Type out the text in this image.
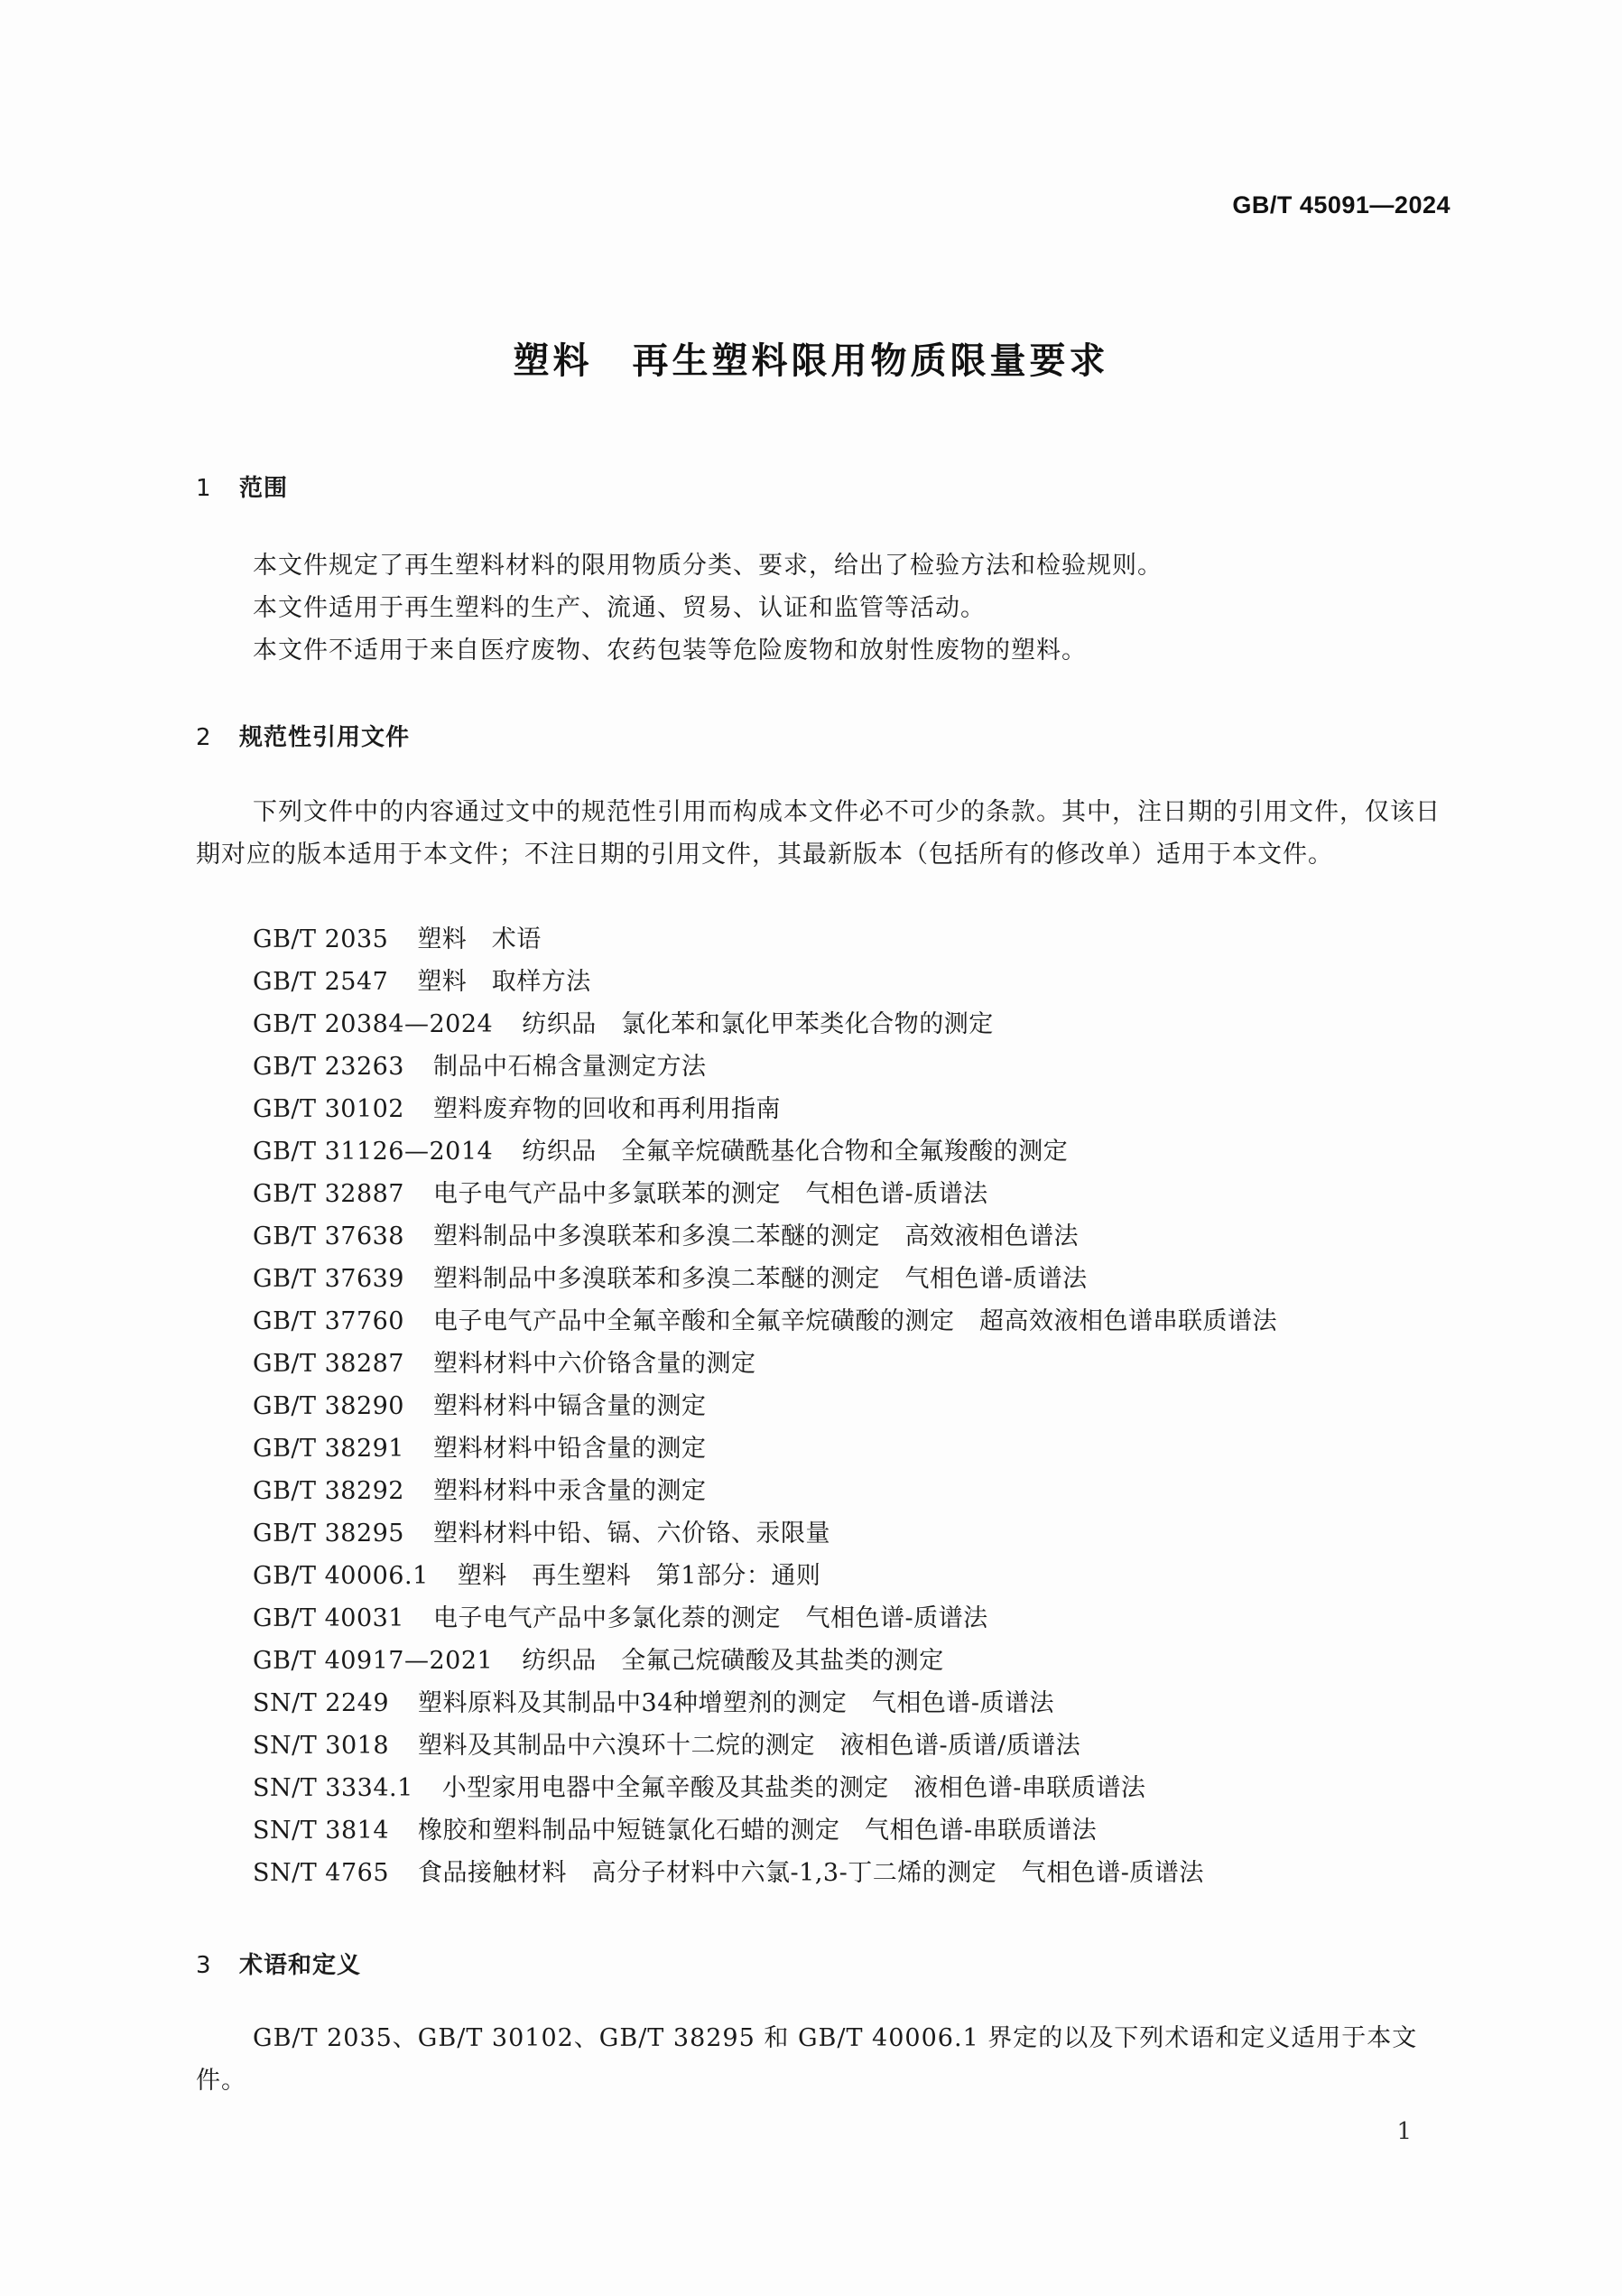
GB/T 45091—2024
塑料　再生塑料限用物质限量要求
1 范围
本文件规定了再生塑料材料的限用物质分类、要求，给出了检验方法和检验规则。
本文件适用于再生塑料的生产、流通、贸易、认证和监管等活动。
本文件不适用于来自医疗废物、农药包装等危险废物和放射性废物的塑料。
2 规范性引用文件
下列文件中的内容通过文中的规范性引用而构成本文件必不可少的条款。其中，注日期的引用文件，仅该日期对应的版本适用于本文件；不注日期的引用文件，其最新版本（包括所有的修改单）适用于本文件。
GB/T 2035 塑料　术语
GB/T 2547 塑料　取样方法
GB/T 20384—2024 纺织品　氯化苯和氯化甲苯类化合物的测定
GB/T 23263 制品中石棉含量测定方法
GB/T 30102 塑料废弃物的回收和再利用指南
GB/T 31126—2014 纺织品　全氟辛烷磺酰基化合物和全氟羧酸的测定
GB/T 32887 电子电气产品中多氯联苯的测定　气相色谱-质谱法
GB/T 37638 塑料制品中多溴联苯和多溴二苯醚的测定　高效液相色谱法
GB/T 37639 塑料制品中多溴联苯和多溴二苯醚的测定　气相色谱-质谱法
GB/T 37760 电子电气产品中全氟辛酸和全氟辛烷磺酸的测定　超高效液相色谱串联质谱法
GB/T 38287 塑料材料中六价铬含量的测定
GB/T 38290 塑料材料中镉含量的测定
GB/T 38291 塑料材料中铅含量的测定
GB/T 38292 塑料材料中汞含量的测定
GB/T 38295 塑料材料中铅、镉、六价铬、汞限量
GB/T 40006.1 塑料　再生塑料　第1部分：通则
GB/T 40031 电子电气产品中多氯化萘的测定　气相色谱-质谱法
GB/T 40917—2021 纺织品　全氟己烷磺酸及其盐类的测定
SN/T 2249 塑料原料及其制品中34种增塑剂的测定　气相色谱-质谱法
SN/T 3018 塑料及其制品中六溴环十二烷的测定　液相色谱-质谱/质谱法
SN/T 3334.1 小型家用电器中全氟辛酸及其盐类的测定　液相色谱-串联质谱法
SN/T 3814 橡胶和塑料制品中短链氯化石蜡的测定　气相色谱-串联质谱法
SN/T 4765 食品接触材料　高分子材料中六氯-1,3-丁二烯的测定　气相色谱-质谱法
3 术语和定义
GB/T 2035、GB/T 30102、GB/T 38295 和 GB/T 40006.1 界定的以及下列术语和定义适用于本文件。
1
